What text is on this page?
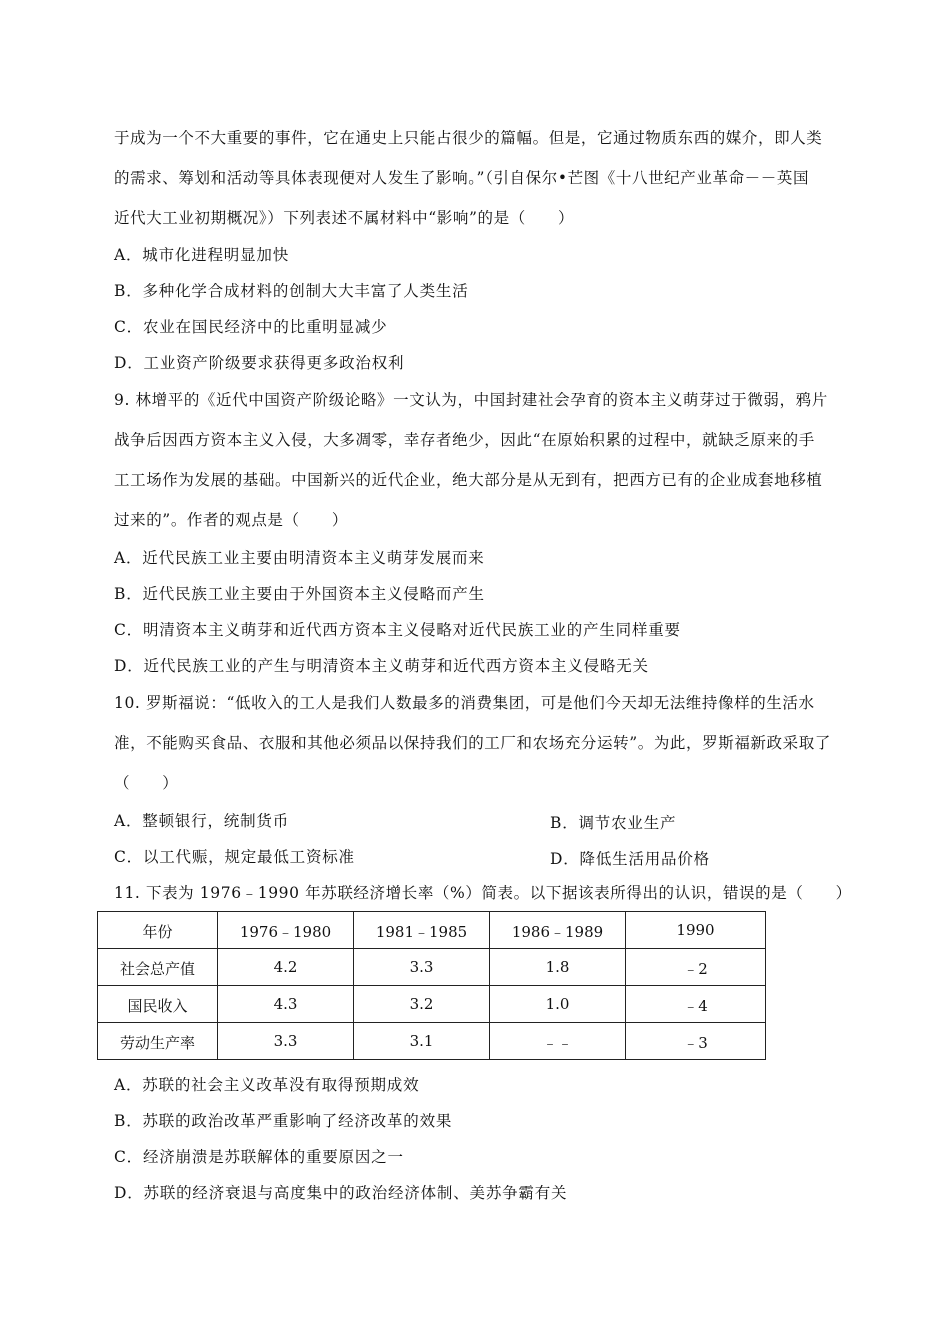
于成为一个不大重要的事件，它在通史上只能占很少的篇幅。但是，它通过物质东西的媒介，即人类
的需求、筹划和活动等具体表现便对人发生了影响。”（引自保尔•芒图《十八世纪产业革命－－英国
近代大工业初期概况》）下列表述不属材料中“影响”的是（　　）
A．城市化进程明显加快
B．多种化学合成材料的创制大大丰富了人类生活
C．农业在国民经济中的比重明显减少
D．工业资产阶级要求获得更多政治权利
9. 林增平的《近代中国资产阶级论略》一文认为，中国封建社会孕育的资本主义萌芽过于微弱，鸦片
战争后因西方资本主义入侵，大多凋零，幸存者绝少，因此“在原始积累的过程中，就缺乏原来的手
工工场作为发展的基础。中国新兴的近代企业，绝大部分是从无到有，把西方已有的企业成套地移植
过来的”。作者的观点是（　　）
A．近代民族工业主要由明清资本主义萌芽发展而来
B．近代民族工业主要由于外国资本主义侵略而产生
C．明清资本主义萌芽和近代西方资本主义侵略对近代民族工业的产生同样重要
D．近代民族工业的产生与明清资本主义萌芽和近代西方资本主义侵略无关
10. 罗斯福说：“低收入的工人是我们人数最多的消费集团，可是他们今天却无法维持像样的生活水
准，不能购买食品、衣服和其他必须品以保持我们的工厂和农场充分运转”。为此，罗斯福新政采取了
（　　）
A．整顿银行，统制货币	B．调节农业生产
C．以工代赈，规定最低工资标准	D．降低生活用品价格
11. 下表为 1976﹣1990 年苏联经济增长率（%）简表。以下据该表所得出的认识，错误的是（　　）
年份	1976﹣1980	1981﹣1985	1986﹣1989	1990
社会总产值	4.2	3.3	1.8	﹣2
国民收入	4.3	3.2	1.0	﹣4
劳动生产率	3.3	3.1	﹣﹣	﹣3
A．苏联的社会主义改革没有取得预期成效
B．苏联的政治改革严重影响了经济改革的效果
C．经济崩溃是苏联解体的重要原因之一
D．苏联的经济衰退与高度集中的政治经济体制、美苏争霸有关
